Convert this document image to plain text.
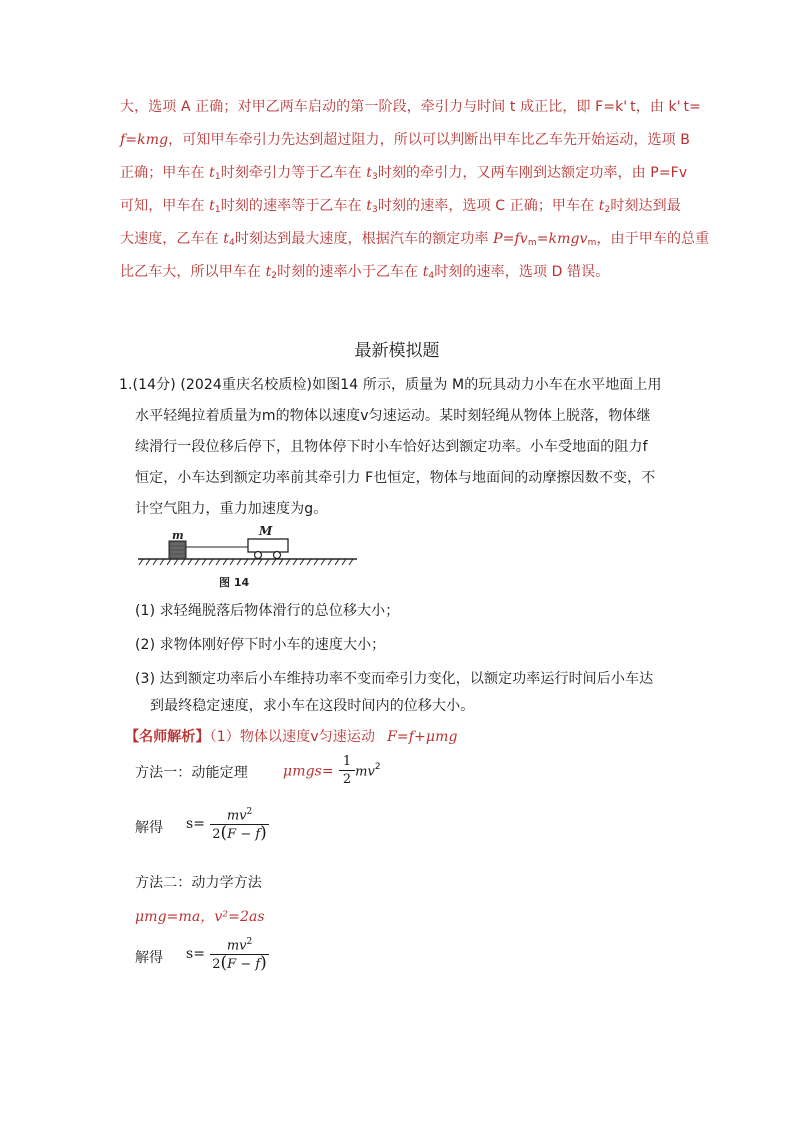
大，选项 A 正确；对甲乙两车启动的第一阶段，牵引力与时间 t 成正比，即 F=k' t，由 k' t=
f=kmg，可知甲车牵引力先达到超过阻力，所以可以判断出甲车比乙车先开始运动，选项 B
正确；甲车在 $t_1$时刻牵引力等于乙车在 $t_3$时刻的牵引力，又两车刚到达额定功率，由 P=Fv
可知，甲车在 $t_1$时刻的速率等于乙车在 $t_3$时刻的速率，选项 C 正确；甲车在 $t_2$时刻达到最
大速度，乙车在 $t_4$时刻达到最大速度，根据汽车的额定功率 $P=fv_m=kmgv_m$，由于甲车的总重
比乙车大，所以甲车在 $t_2$时刻的速率小于乙车在 $t_4$时刻的速率，选项 D 错误。
最新模拟题
1.(14分) (2024重庆名校质检)如图14 所示，质量为 M的玩具动力小车在水平地面上用
水平轻绳拉着质量为m的物体以速度v匀速运动。某时刻轻绳从物体上脱落，物体继
续滑行一段位移后停下，且物体停下时小车恰好达到额定功率。小车受地面的阻力f
恒定，小车达到额定功率前其牵引力 F也恒定，物体与地面间的动摩擦因数不变，不
计空气阻力，重力加速度为g。
m	M
图 14
(1) 求轻绳脱落后物体滑行的总位移大小；
(2) 求物体刚好停下时小车的速度大小；
(3) 达到额定功率后小车维持功率不变而牵引力变化，以额定功率运行时间后小车达
到最终稳定速度，求小车在这段时间内的位移大小。
【名师解析】（1）物体以速度v匀速运动 F=f+μmg
方法一：动能定理	$\mu mgs= \frac{1}{2} mv^2$
解得 $s= \frac{mv^2}{2(F - f)}$
方法二：动力学方法
μmg=ma，v²=2as
解得 $s= \frac{mv^2}{2(F - f)}$
